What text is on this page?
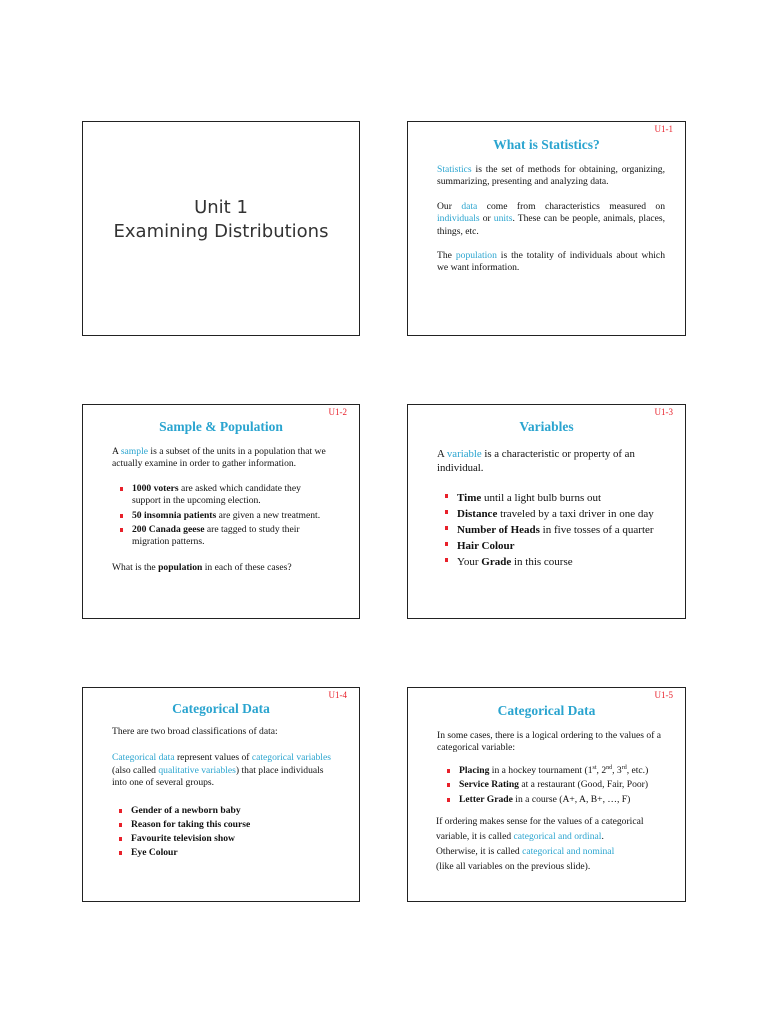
Unit 1
Examining Distributions
U1-1
What is Statistics?

Statistics is the set of methods for obtaining, organizing, summarizing, presenting and analyzing data.

Our data come from characteristics measured on individuals or units. These can be people, animals, places, things, etc.

The population is the totality of individuals about which we want information.

U1-2
Sample & Population

A sample is a subset of the units in a population that we actually examine in order to gather information.

1000 voters are asked which candidate they support in the upcoming election.
50 insomnia patients are given a new treatment.
200 Canada geese are tagged to study their migration patterns.

What is the population in each of these cases?

U1-3
Variables

A variable is a characteristic or property of an individual.

Time until a light bulb burns out
Distance traveled by a taxi driver in one day
Number of Heads in five tosses of a quarter
Hair Colour
Your Grade in this course
U1-4
Categorical Data

There are two broad classifications of data:

Categorical data represent values of categorical variables (also called qualitative variables) that place individuals into one of several groups.

Gender of a newborn baby
Reason for taking this course
Favourite television show
Eye Colour
U1-5
Categorical Data

In some cases, there is a logical ordering to the values of a categorical variable:

Placing in a hockey tournament (1st, 2nd, 3rd, etc.)
Service Rating at a restaurant (Good, Fair, Poor)
Letter Grade in a course (A+, A, B+, …, F)

If ordering makes sense for the values of a categorical variable, it is called categorical and ordinal.
Otherwise, it is called categorical and nominal
(like all variables on the previous slide).
